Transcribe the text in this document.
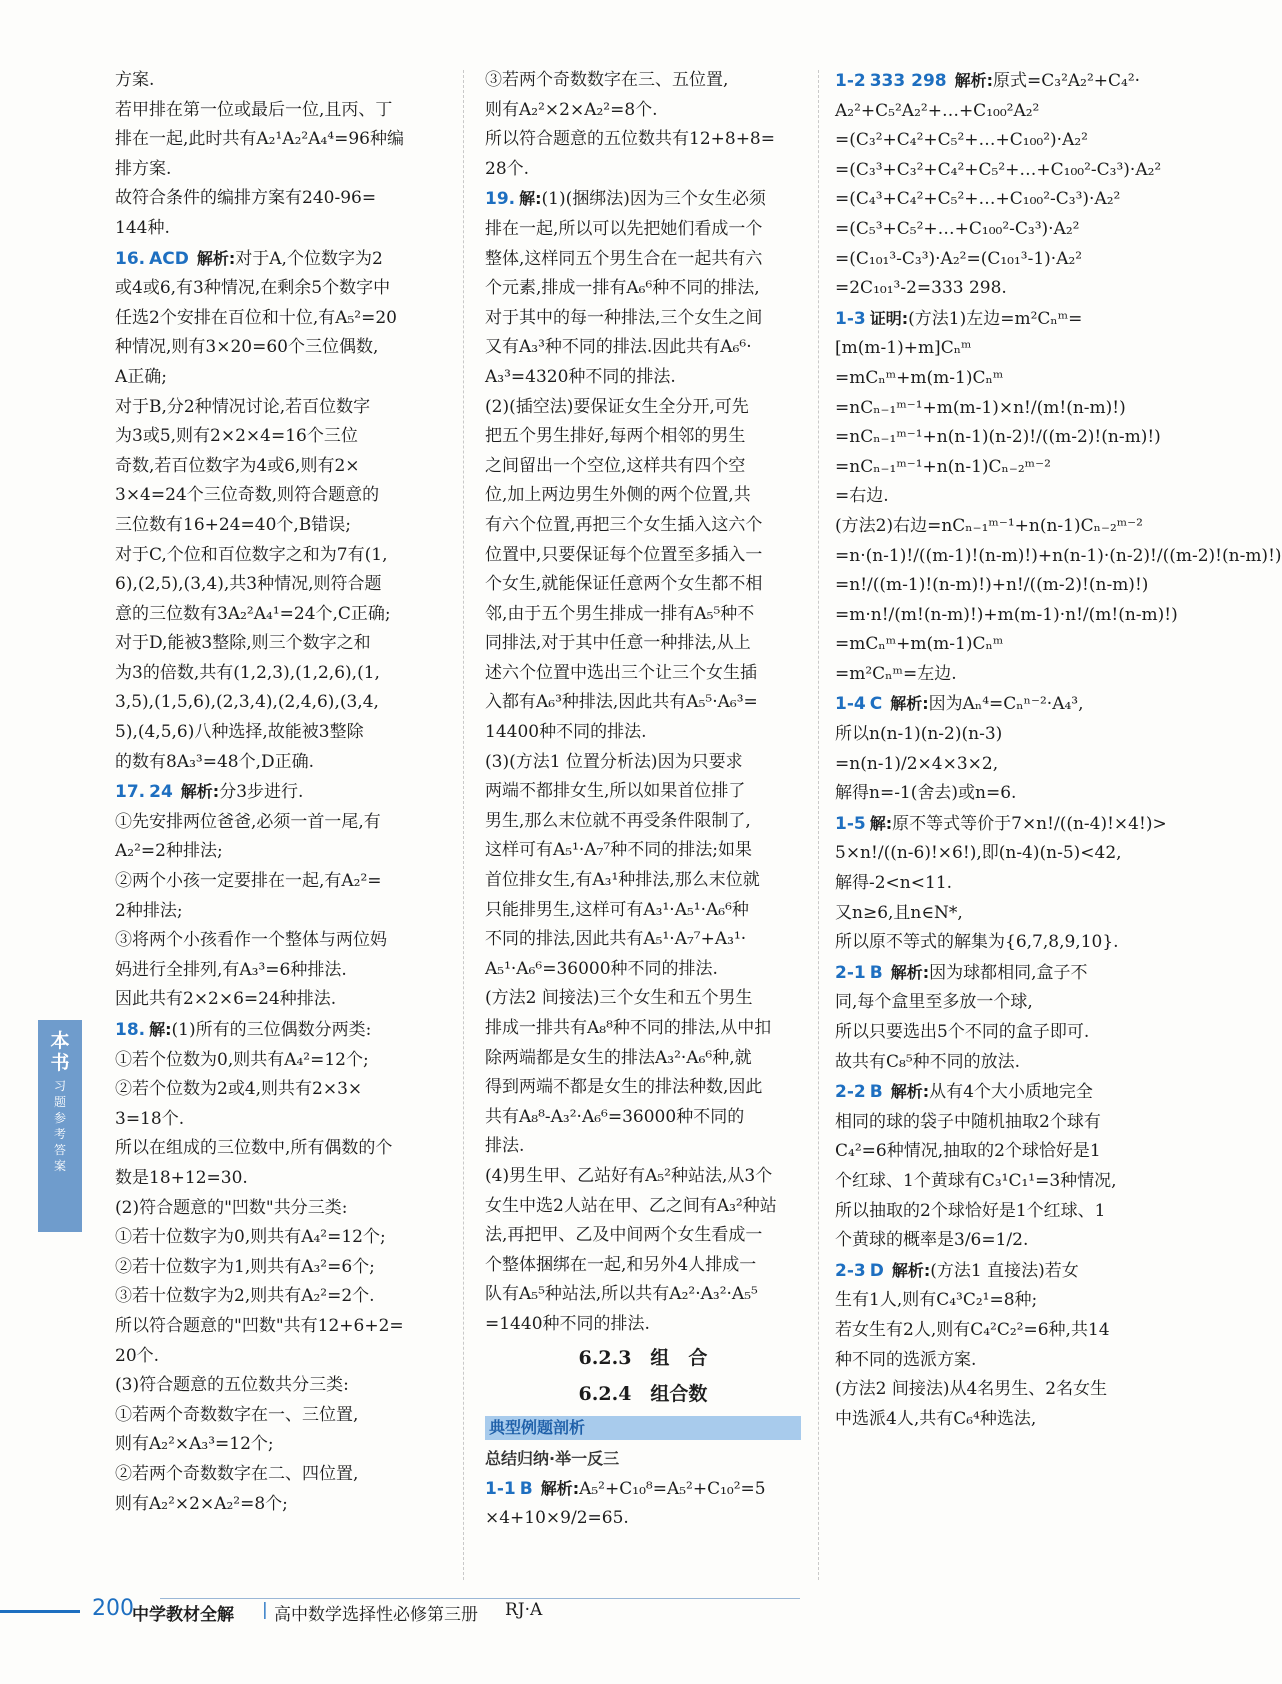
方案.

若甲排在第一位或最后一位,且丙、丁

排在一起,此时共有A₂¹A₂²A₄⁴=96种编

排方案.

故符合条件的编排方案有240-96=

144种.

16. ACD 解析:对于A,个位数字为2

或4或6,有3种情况,在剩余5个数字中

任选2个安排在百位和十位,有A₅²=20

种情况,则有3×20=60个三位偶数,

A正确;

对于B,分2种情况讨论,若百位数字

为3或5,则有2×2×4=16个三位

奇数,若百位数字为4或6,则有2×

3×4=24个三位奇数,则符合题意的

三位数有16+24=40个,B错误;

对于C,个位和百位数字之和为7有(1,

6),(2,5),(3,4),共3种情况,则符合题

意的三位数有3A₂²A₄¹=24个,C正确;

对于D,能被3整除,则三个数字之和

为3的倍数,共有(1,2,3),(1,2,6),(1,

3,5),(1,5,6),(2,3,4),(2,4,6),(3,4,

5),(4,5,6)八种选择,故能被3整除

的数有8A₃³=48个,D正确.

17. 24 解析:分3步进行.

①先安排两位爸爸,必须一首一尾,有

A₂²=2种排法;

②两个小孩一定要排在一起,有A₂²=

2种排法;

③将两个小孩看作一个整体与两位妈

妈进行全排列,有A₃³=6种排法.

因此共有2×2×6=24种排法.

18. 解:(1)所有的三位偶数分两类:

①若个位数为0,则共有A₄²=12个;

②若个位数为2或4,则共有2×3×

3=18个.

所以在组成的三位数中,所有偶数的个

数是18+12=30.

(2)符合题意的"凹数"共分三类:

①若十位数字为0,则共有A₄²=12个;

②若十位数字为1,则共有A₃²=6个;

③若十位数字为2,则共有A₂²=2个.

所以符合题意的"凹数"共有12+6+2=

20个.

(3)符合题意的五位数共分三类:

①若两个奇数数字在一、三位置,

则有A₂²×A₃³=12个;

②若两个奇数数字在二、四位置,

则有A₂²×2×A₂²=8个;

③若两个奇数数字在三、五位置,

则有A₂²×2×A₂²=8个.

所以符合题意的五位数共有12+8+8=

28个.

19. 解:(1)(捆绑法)因为三个女生必须

排在一起,所以可以先把她们看成一个

整体,这样同五个男生合在一起共有六

个元素,排成一排有A₆⁶种不同的排法,

对于其中的每一种排法,三个女生之间

又有A₃³种不同的排法.因此共有A₆⁶·

A₃³=4320种不同的排法.

(2)(插空法)要保证女生全分开,可先

把五个男生排好,每两个相邻的男生

之间留出一个空位,这样共有四个空

位,加上两边男生外侧的两个位置,共

有六个位置,再把三个女生插入这六个

位置中,只要保证每个位置至多插入一

个女生,就能保证任意两个女生都不相

邻,由于五个男生排成一排有A₅⁵种不

同排法,对于其中任意一种排法,从上

述六个位置中选出三个让三个女生插

入都有A₆³种排法,因此共有A₅⁵·A₆³=

14400种不同的排法.

(3)(方法1 位置分析法)因为只要求

两端不都排女生,所以如果首位排了

男生,那么末位就不再受条件限制了,

这样可有A₅¹·A₇⁷种不同的排法;如果

首位排女生,有A₃¹种排法,那么末位就

只能排男生,这样可有A₃¹·A₅¹·A₆⁶种

不同的排法,因此共有A₅¹·A₇⁷+A₃¹·

A₅¹·A₆⁶=36000种不同的排法.

(方法2 间接法)三个女生和五个男生

排成一排共有A₈⁸种不同的排法,从中扣

除两端都是女生的排法A₃²·A₆⁶种,就

得到两端不都是女生的排法种数,因此

共有A₈⁸-A₃²·A₆⁶=36000种不同的

排法.

(4)男生甲、乙站好有A₅²种站法,从3个

女生中选2人站在甲、乙之间有A₃²种站

法,再把甲、乙及中间两个女生看成一

个整体捆绑在一起,和另外4人排成一

队有A₅⁵种站法,所以共有A₂²·A₃²·A₅⁵

=1440种不同的排法.

6.2.3　组　合

6.2.4　组合数

典型例题剖析

总结归纳·举一反三

1-1 B 解析:A₅²+C₁₀⁸=A₅²+C₁₀²=5

×4+10×9/2=65.

1-2 333 298 解析:原式=C₃²A₂²+C₄²·

A₂²+C₅²A₂²+…+C₁₀₀²A₂²

=(C₃²+C₄²+C₅²+…+C₁₀₀²)·A₂²

=(C₃³+C₃²+C₄²+C₅²+…+C₁₀₀²-C₃³)·A₂²

=(C₄³+C₄²+C₅²+…+C₁₀₀²-C₃³)·A₂²

=(C₅³+C₅²+…+C₁₀₀²-C₃³)·A₂²

=(C₁₀₁³-C₃³)·A₂²=(C₁₀₁³-1)·A₂²

=2C₁₀₁³-2=333 298.

1-3 证明:(方法1)左边=m²Cₙᵐ=

[m(m-1)+m]Cₙᵐ

=mCₙᵐ+m(m-1)Cₙᵐ

=nCₙ₋₁ᵐ⁻¹+m(m-1)×n!/(m!(n-m)!)

=nCₙ₋₁ᵐ⁻¹+n(n-1)(n-2)!/((m-2)!(n-m)!)

=nCₙ₋₁ᵐ⁻¹+n(n-1)Cₙ₋₂ᵐ⁻²

=右边.

(方法2)右边=nCₙ₋₁ᵐ⁻¹+n(n-1)Cₙ₋₂ᵐ⁻²

=n·(n-1)!/((m-1)!(n-m)!)+n(n-1)·(n-2)!/((m-2)!(n-m)!)

=n!/((m-1)!(n-m)!)+n!/((m-2)!(n-m)!)

=m·n!/(m!(n-m)!)+m(m-1)·n!/(m!(n-m)!)

=mCₙᵐ+m(m-1)Cₙᵐ

=m²Cₙᵐ=左边.

1-4 C 解析:因为Aₙ⁴=Cₙⁿ⁻²·A₄³,

所以n(n-1)(n-2)(n-3)

=n(n-1)/2×4×3×2,

解得n=-1(舍去)或n=6.

1-5 解:原不等式等价于7×n!/((n-4)!×4!)>

5×n!/((n-6)!×6!),即(n-4)(n-5)<42,

解得-2<n<11.

又n≥6,且n∈N*,

所以原不等式的解集为{6,7,8,9,10}.

2-1 B 解析:因为球都相同,盒子不

同,每个盒里至多放一个球,

所以只要选出5个不同的盒子即可.

故共有C₈⁵种不同的放法.

2-2 B 解析:从有4个大小质地完全

相同的球的袋子中随机抽取2个球有

C₄²=6种情况,抽取的2个球恰好是1

个红球、1个黄球有C₃¹C₁¹=3种情况,

所以抽取的2个球恰好是1个红球、1

个黄球的概率是3/6=1/2.

2-3 D 解析:(方法1 直接法)若女

生有1人,则有C₄³C₂¹=8种;

若女生有2人,则有C₄²C₂²=6种,共14

种不同的选派方案.

(方法2 间接法)从4名男生、2名女生

中选派4人,共有C₆⁴种选法,

本书
习题参考答案
200
中学教材全解 | 高中数学选择性必修第三册 RJ·A
